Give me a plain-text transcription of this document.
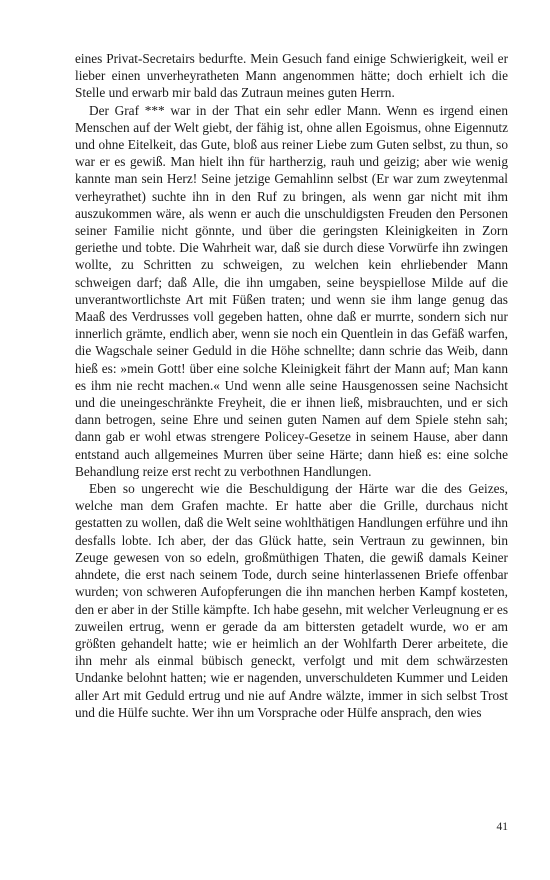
eines Privat-Secretairs bedurfte. Mein Gesuch fand einige Schwierigkeit, weil er lieber einen unverheyratheten Mann angenommen hätte; doch erhielt ich die Stelle und erwarb mir bald das Zutraun meines guten Herrn.

Der Graf *** war in der That ein sehr edler Mann. Wenn es irgend einen Menschen auf der Welt giebt, der fähig ist, ohne allen Egoismus, ohne Eigennutz und ohne Eitelkeit, das Gute, bloß aus reiner Liebe zum Guten selbst, zu thun, so war er es gewiß. Man hielt ihn für hartherzig, rauh und geizig; aber wie wenig kannte man sein Herz! Seine jetzige Gemahlinn selbst (Er war zum zweytenmal verheyrathet) suchte ihn in den Ruf zu bringen, als wenn gar nicht mit ihm auszukommen wäre, als wenn er auch die unschuldigsten Freuden den Personen seiner Familie nicht gönnte, und über die geringsten Kleinigkeiten in Zorn geriethe und tobte. Die Wahrheit war, daß sie durch diese Vorwürfe ihn zwingen wollte, zu Schritten zu schweigen, zu welchen kein ehrliebender Mann schweigen darf; daß Alle, die ihn umgaben, seine beyspiellose Milde auf die unverantwortlichste Art mit Füßen traten; und wenn sie ihm lange genug das Maaß des Verdrusses voll gegeben hatten, ohne daß er murrte, sondern sich nur innerlich grämte, endlich aber, wenn sie noch ein Quentlein in das Gefäß warfen, die Wagschale seiner Geduld in die Höhe schnellte; dann schrie das Weib, dann hieß es: »mein Gott! über eine solche Kleinigkeit fährt der Mann auf; Man kann es ihm nie recht machen.« Und wenn alle seine Hausgenossen seine Nachsicht und die uneingeschränkte Freyheit, die er ihnen ließ, misbrauchten, und er sich dann betrogen, seine Ehre und seinen guten Namen auf dem Spiele stehn sah; dann gab er wohl etwas strengere Policey-Gesetze in seinem Hause, aber dann entstand auch allgemeines Murren über seine Härte; dann hieß es: eine solche Behandlung reize erst recht zu verbothnen Handlungen.

Eben so ungerecht wie die Beschuldigung der Härte war die des Geizes, welche man dem Grafen machte. Er hatte aber die Grille, durchaus nicht gestatten zu wollen, daß die Welt seine wohlthätigen Handlungen erführe und ihn desfalls lobte. Ich aber, der das Glück hatte, sein Vertraun zu gewinnen, bin Zeuge gewesen von so edeln, großmüthigen Thaten, die gewiß damals Keiner ahndete, die erst nach seinem Tode, durch seine hinterlassenen Briefe offenbar wurden; von schweren Aufopferungen die ihn manchen herben Kampf kosteten, den er aber in der Stille kämpfte. Ich habe gesehn, mit welcher Verleugnung er es zuweilen ertrug, wenn er gerade da am bittersten getadelt wurde, wo er am größten gehandelt hatte; wie er heimlich an der Wohlfarth Derer arbeitete, die ihn mehr als einmal bübisch geneckt, verfolgt und mit dem schwärzesten Undanke belohnt hatten; wie er nagenden, unverschuldeten Kummer und Leiden aller Art mit Geduld ertrug und nie auf Andre wälzte, immer in sich selbst Trost und die Hülfe suchte. Wer ihn um Vorsprache oder Hülfe ansprach, den wies

41
